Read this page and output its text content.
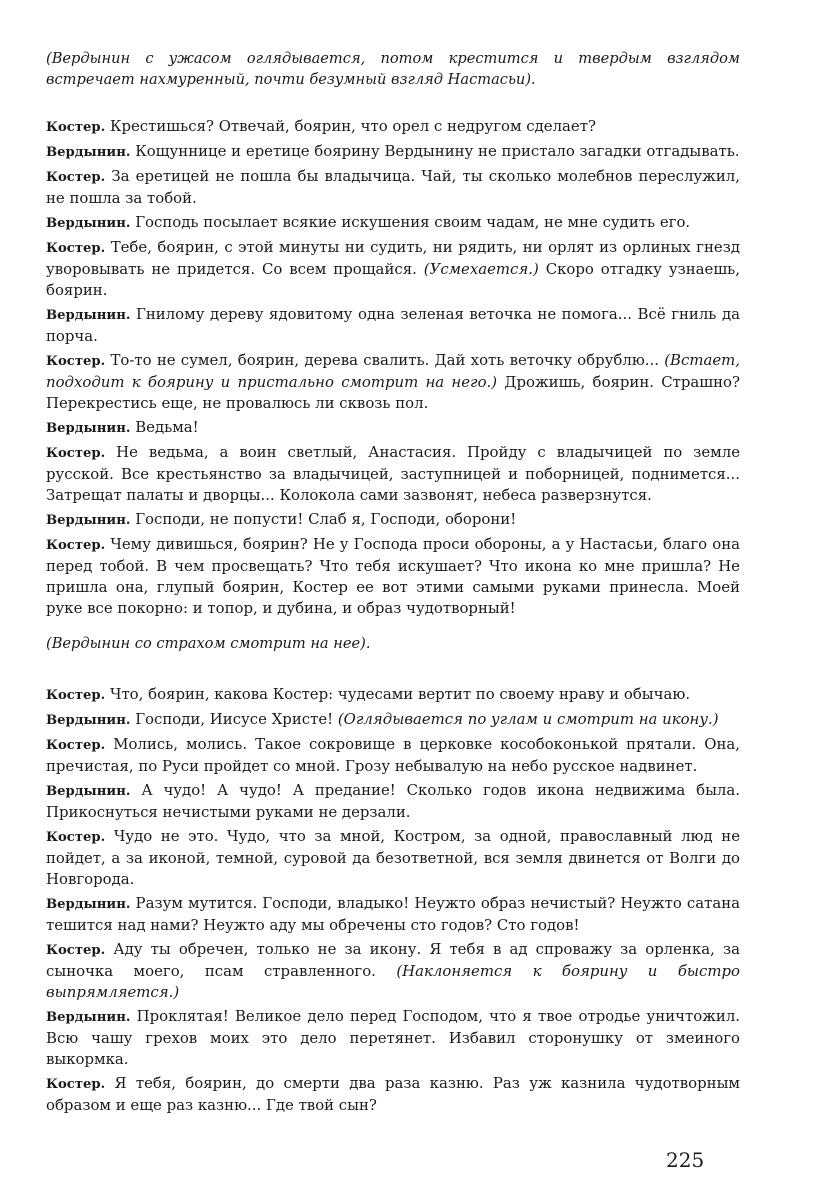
(Вердынин с ужасом оглядывается, потом крестится и твердым взглядом встречает нахмуренный, почти безумный взгляд Настасьи).

Костер. Крестишься? Отвечай, боярин, что орел с недругом сделает?

Вердынин. Кощуннице и еретице боярину Вердынину не пристало загадки отгадывать.

Костер. За еретицей не пошла бы владычица. Чай, ты сколько молебнов переслужил, не пошла за тобой.

Вердынин. Господь посылает всякие искушения своим чадам, не мне судить его.

Костер. Тебе, боярин, с этой минуты ни судить, ни рядить, ни орлят из орлиных гнезд уворовывать не придется. Со всем прощайся. (Усмехается.) Скоро отгадку узнаешь, боярин.

Вердынин. Гнилому дереву ядовитому одна зеленая веточка не помога... Всё гниль да порча.

Костер. То-то не сумел, боярин, дерева свалить. Дай хоть веточку обрублю... (Встает, подходит к боярину и пристально смотрит на него.) Дрожишь, боярин. Страшно? Перекрестись еще, не провалюсь ли сквозь пол.

Вердынин. Ведьма!

Костер. Не ведьма, а воин светлый, Анастасия. Пройду с владычицей по земле русской. Все крестьянство за владычицей, заступницей и поборницей, поднимется... Затрещат палаты и дворцы... Колокола сами зазвонят, небеса разверзнутся.

Вердынин. Господи, не попусти! Слаб я, Господи, оборони!

Костер. Чему дивишься, боярин? Не у Господа проси обороны, а у Настасьи, благо она перед тобой. В чем просвещать? Что тебя искушает? Что икона ко мне пришла? Не пришла она, глупый боярин, Костер ее вот этими самыми руками принесла. Моей руке все покорно: и топор, и дубина, и образ чудотворный!

(Вердынин со страхом смотрит на нее).

Костер. Что, боярин, какова Костер: чудесами вертит по своему нраву и обычаю.

Вердынин. Господи, Иисусе Христе! (Оглядывается по углам и смотрит на икону.)

Костер. Молись, молись. Такое сокровище в церковке кособоконькой прятали. Она, пречистая, по Руси пройдет со мной. Грозу небывалую на небо русское надвинет.

Вердынин. А чудо! А чудо! А предание! Сколько годов икона недвижима была. Прикоснуться нечистыми руками не дерзали.

Костер. Чудо не это. Чудо, что за мной, Костром, за одной, православный люд не пойдет, а за иконой, темной, суровой да безответной, вся земля двинется от Волги до Новгорода.

Вердынин. Разум мутится. Господи, владыко! Неужто образ нечистый? Неужто сатана тешится над нами? Неужто аду мы обречены сто годов? Сто годов!

Костер. Аду ты обречен, только не за икону. Я тебя в ад спроважу за орленка, за сыночка моего, псам стравленного. (Наклоняется к боярину и быстро выпрямляется.)

Вердынин. Проклятая! Великое дело перед Господом, что я твое отродье уничтожил. Всю чашу грехов моих это дело перетянет. Избавил сторонушку от змеиного выкормка.

Костер. Я тебя, боярин, до смерти два раза казню. Раз уж казнила чудотворным образом и еще раз казню... Где твой сын?

225
